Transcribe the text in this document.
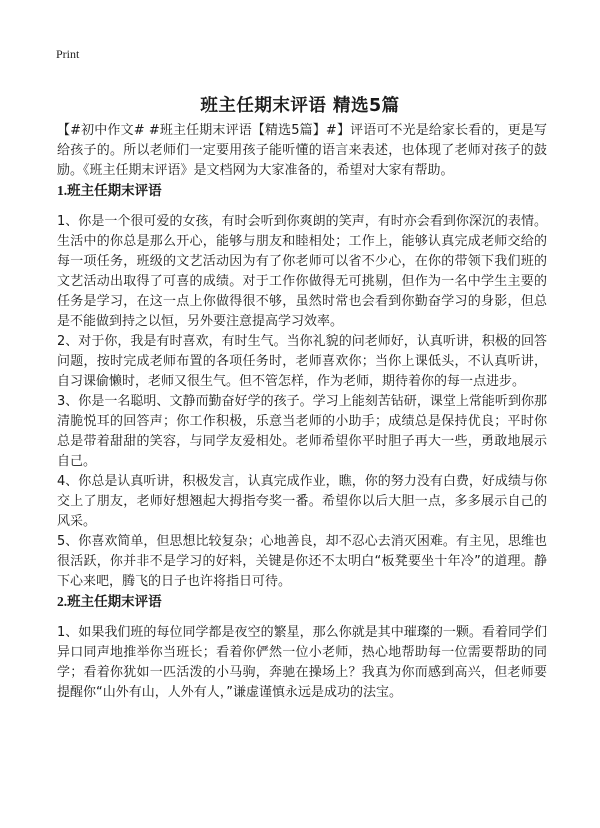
Print
班主任期末评语 精选5篇

【#初中作文# #班主任期末评语【精选5篇】#】评语可不光是给家长看的，更是写给孩子的。所以老师们一定要用孩子能听懂的语言来表述，也体现了老师对孩子的鼓励。《班主任期末评语》是文档网为大家准备的，希望对大家有帮助。

1.班主任期末评语

1、你是一个很可爱的女孩，有时会听到你爽朗的笑声，有时亦会看到你深沉的表情。生活中的你总是那么开心，能够与朋友和睦相处；工作上，能够认真完成老师交给的每一项任务，班级的文艺活动因为有了你老师可以省不少心，在你的带领下我们班的文艺活动出取得了可喜的成绩。对于工作你做得无可挑剔，但作为一名中学生主要的任务是学习，在这一点上你做得很不够，虽然时常也会看到你勤奋学习的身影，但总是不能做到持之以恒，另外要注意提高学习效率。

2、对于你，我是有时喜欢，有时生气。当你礼貌的问老师好，认真听讲，积极的回答问题，按时完成老师布置的各项任务时，老师喜欢你；当你上课低头，不认真听讲，自习课偷懒时，老师又很生气。但不管怎样，作为老师，期待着你的每一点进步。

3、你是一名聪明、文静而勤奋好学的孩子。学习上能刻苦钻研，课堂上常能听到你那清脆悦耳的回答声；你工作积极，乐意当老师的小助手；成绩总是保持优良；平时你总是带着甜甜的笑容，与同学友爱相处。老师希望你平时胆子再大一些，勇敢地展示自己。

4、你总是认真听讲，积极发言，认真完成作业，瞧，你的努力没有白费，好成绩与你交上了朋友，老师好想翘起大拇指夸奖一番。希望你以后大胆一点，多多展示自己的风采。

5、你喜欢简单，但思想比较复杂；心地善良，却不忍心去消灭困难。有主见，思维也很活跃，你并非不是学习的好料，关键是你还不太明白“板凳要坐十年冷”的道理。静下心来吧，腾飞的日子也许将指日可待。

2.班主任期末评语

1、如果我们班的每位同学都是夜空的繁星，那么你就是其中璀璨的一颗。看着同学们异口同声地推举你当班长；看着你俨然一位小老师，热心地帮助每一位需要帮助的同学；看着你犹如一匹活泼的小马驹，奔驰在操场上？我真为你而感到高兴，但老师要提醒你“山外有山，人外有人，”谦虚谨慎永远是成功的法宝。
